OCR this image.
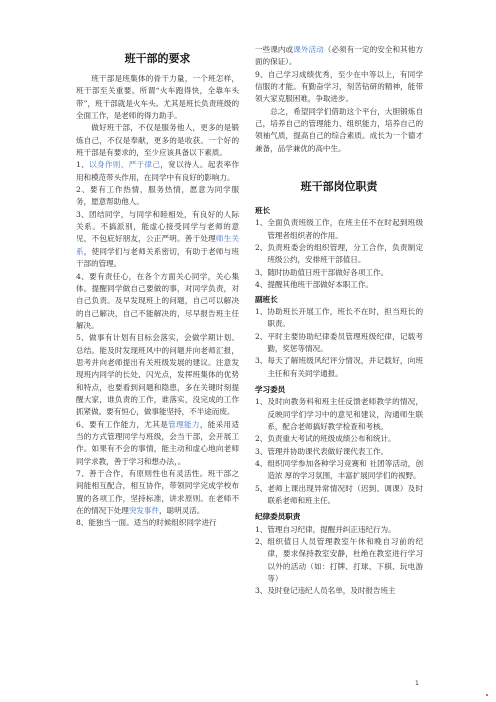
班干部的要求

班干部是班集体的骨干力量，一个班怎样，班干部至关重要。所谓“火车跑得快，全靠车头带”，班干部就是火车头。尤其是班长负责班级的全面工作，是老师的得力助手。

做好班干部，不仅是服务他人，更多的是锻炼自己，不仅是奉献，更多的是收获。一个好的班干部是有要求的，至少应该具备以下素质。

1、以身作则、严于律己，宽以待人。起表率作用和模范带头作用，在同学中有良好的影响力。

2、要有工作热情，服务热情，愿意为同学服务，愿意帮助他人。

3、团结同学，与同学和睦相处，有良好的人际关系。不搞派别，能虚心接受同学与老师的意见，不包庇好朋友，公正严明。善于处理师生关系，使同学们与老师关系密切，有助于老师与班干部的管理。

4、要有责任心，在各个方面关心同学，关心集体。提醒同学做自己要做的事，对同学负责，对自己负责。及早发现班上的问题，自己可以解决的自己解决，自己不能解决的，尽早报告班主任解决。

5、做事有计划有目标会落实，会做学期计划、总结。能及时发现班风中的问题并向老师汇报，思考并向老师提出有关班级发展的建议。注意发现班内同学的长处、闪光点，发挥班集体的优势和特点，也要看到问题和隐患，多在关键时刻提醒大家，谁负责的工作，谁落实，没完成的工作抓紧做。要有恒心，做事能坚持，不半途而废。

6、要有工作能力，尤其是管理能力，能采用适当的方式管理同学与班级，会当干部，会开展工作。如果有不会的事情，能主动和虚心地向老师同学求教，善于学习和想办法，。

7、善于合作，有原则性也有灵活性。班干部之间能相互配合，相互协作，带领同学完成学校布置的各项工作，坚持标准，讲求原则。在老师不在的情况下处理突发事件，聪明灵活。

8、能独当一面。适当的时候组织同学进行

一些课内或课外活动（必须有一定的安全和其他方面的保证）。

9、自己学习成绩优秀，至少在中等以上，有同学信服的才能。有勤奋学习，刻苦钻研的精神，能带领大家克服困难，争取进步。

总之，希望同学们借助这个平台，大胆锻炼自己，培养自己的管理能力、组织能力，培养自己的领袖气质，提高自己的综合素质。成长为一个德才兼备，品学兼优的高中生。

班干部岗位职责
班长
1、 全面负责班级工作，在班主任不在时起到班级管理者组织者的作用。
2、 负责班委会的组织管理，分工合作，负责制定班级公约，安排班干部值日。
3、 随时协助值日班干部做好各项工作。
4、 提醒其他班干部做好本职工作。
副班长
1、 协助班长开展工作，班长不在时，担当班长的职责。
2、 平时主要协助纪律委员管理班级纪律，记载考勤，奖惩等情况。
3、 每天了解班级风纪评分情况，并记载好，向班主任和有关同学通报。
学习委员
1、 及时向教务科和班主任反馈老师教学的情况，反映同学们学习中的意见和建议，沟通师生联系，配合老师搞好教学检查和考核。
2、 负责重大考试的班级成绩公布和统计。
3、 管理并协助课代表做好课代表工作。
4、 组织同学参加各种学习竞赛和 社团等活动，创造浓 厚的学习氛围，丰富扩展同学们的视野。
5、 老师上课出现异常情况时（迟到、调课）及时联系老师和班主任。
纪律委员职责
1、 管理自习纪律，提醒并纠正违纪行为。
2、 组织值日人员管理教室午休和晚自习前的纪律，要求保持教室安静，杜绝在教室进行学习以外的活动（如：打牌、打球、下棋、玩电游等）
3、 及时登记违纪人员名单，及时报告班主
1
